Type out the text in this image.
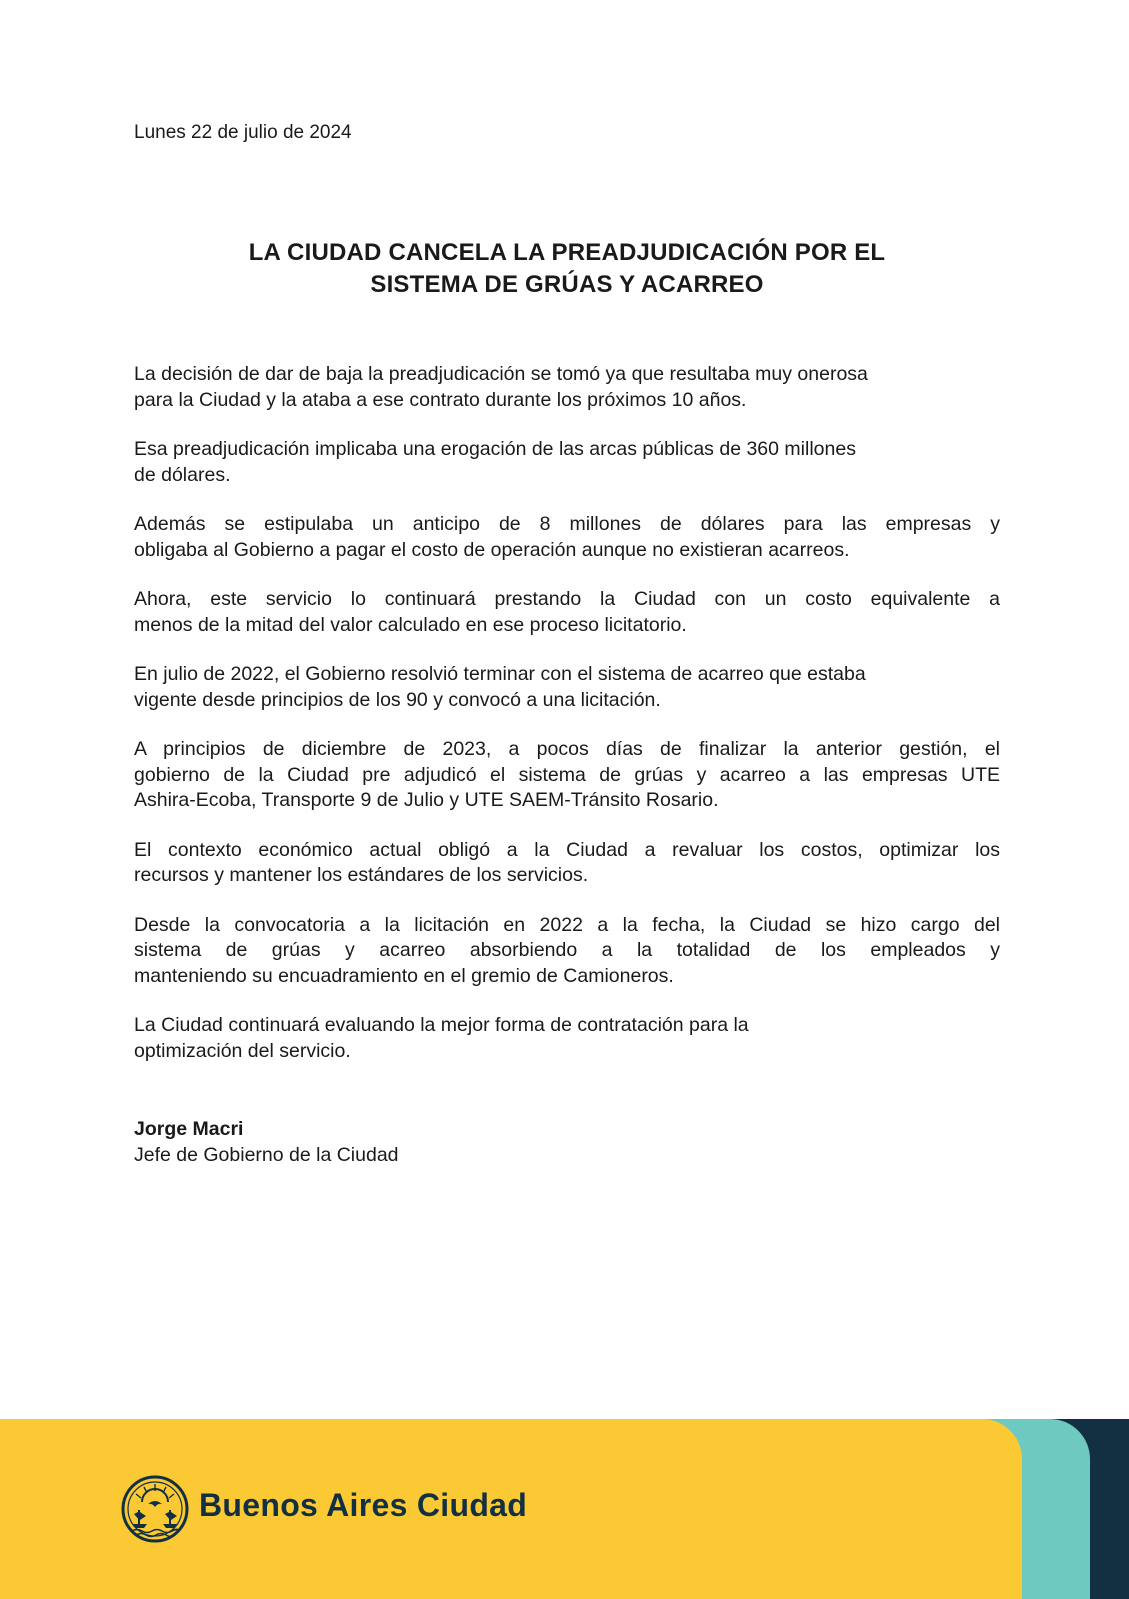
Lunes 22 de julio de 2024
LA CIUDAD CANCELA LA PREADJUDICACIÓN POR EL
SISTEMA DE GRÚAS Y ACARREO

La decisión de dar de baja la preadjudicación se tomó ya que resultaba muy onerosa
para la Ciudad y la ataba a ese contrato durante los próximos 10 años.

Esa preadjudicación implicaba una erogación de las arcas públicas de 360 millones
de dólares.

Además se estipulaba un anticipo de 8 millones de dólares para las empresas y
obligaba al Gobierno a pagar el costo de operación aunque no existieran acarreos.

Ahora, este servicio lo continuará prestando la Ciudad con un costo equivalente a
menos de la mitad del valor calculado en ese proceso licitatorio.

En julio de 2022, el Gobierno resolvió terminar con el sistema de acarreo que estaba
vigente desde principios de los 90 y convocó a una licitación.

A principios de diciembre de 2023, a pocos días de finalizar la anterior gestión, el
gobierno de la Ciudad pre adjudicó el sistema de grúas y acarreo a las empresas UTE
Ashira-Ecoba, Transporte 9 de Julio y UTE SAEM-Tránsito Rosario.

El contexto económico actual obligó a la Ciudad a revaluar los costos, optimizar los
recursos y mantener los estándares de los servicios.

Desde la convocatoria a la licitación en 2022 a la fecha, la Ciudad se hizo cargo del
sistema de grúas y acarreo absorbiendo a la totalidad de los empleados y
manteniendo su encuadramiento en el gremio de Camioneros.

La Ciudad continuará evaluando la mejor forma de contratación para la
optimización del servicio.

Jorge Macri
Jefe de Gobierno de la Ciudad
Buenos Aires Ciudad
